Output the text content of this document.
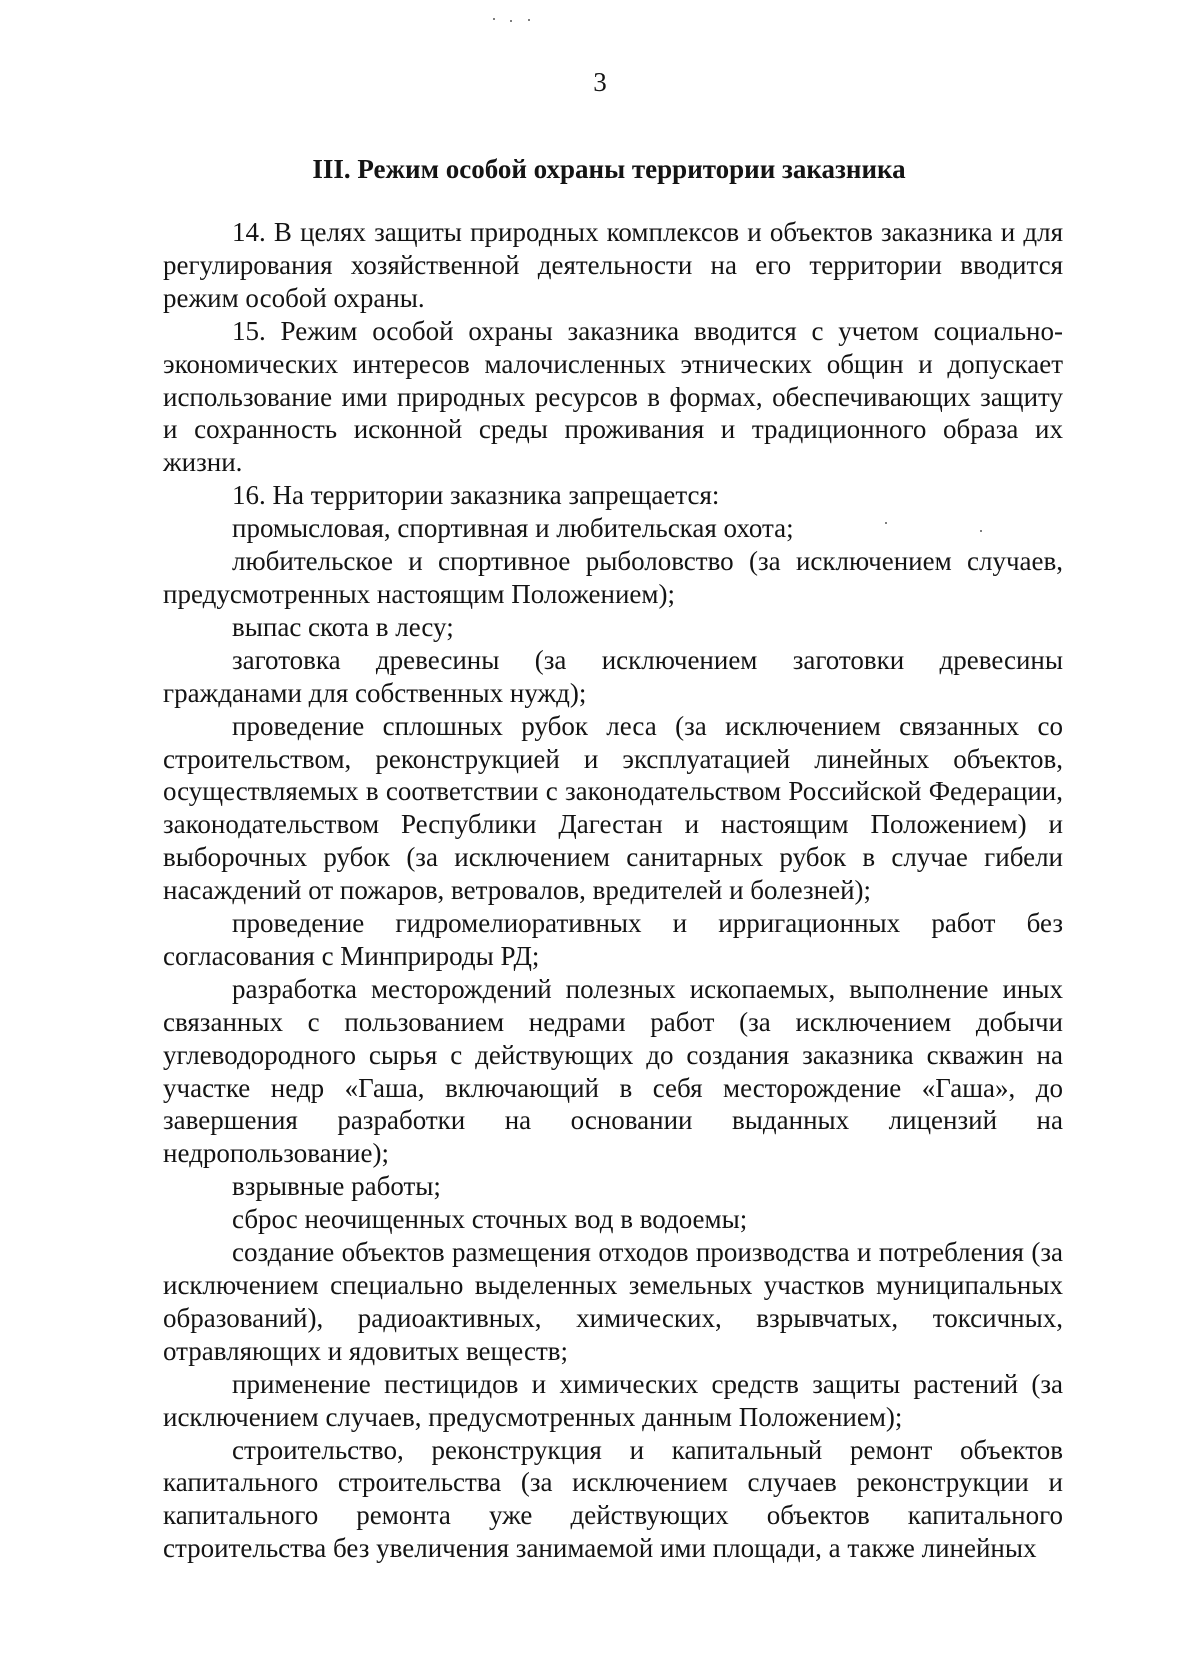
3
III. Режим особой охраны территории заказника

14. В целях защиты природных комплексов и объектов заказника и для регулирования хозяйственной деятельности на его территории вводится режим особой охраны.

15. Режим особой охраны заказника вводится с учетом социально-экономических интересов малочисленных этнических общин и допускает использование ими природных ресурсов в формах, обеспечивающих защиту и сохранность исконной среды проживания и традиционного образа их жизни.

16. На территории заказника запрещается:

промысловая, спортивная и любительская охота;

любительское и спортивное рыболовство (за исключением случаев, предусмотренных настоящим Положением);

выпас скота в лесу;

заготовка древесины (за исключением заготовки древесины гражданами для собственных нужд);

проведение сплошных рубок леса (за исключением связанных со строительством, реконструкцией и эксплуатацией линейных объектов, осуществляемых в соответствии с законодательством Российской Федерации, законодательством Республики Дагестан и настоящим Положением) и выборочных рубок (за исключением санитарных рубок в случае гибели насаждений от пожаров, ветровалов, вредителей и болезней);

проведение гидромелиоративных и ирригационных работ без согласования с Минприроды РД;

разработка месторождений полезных ископаемых, выполнение иных связанных с пользованием недрами работ (за исключением добычи углеводородного сырья с действующих до создания заказника скважин на участке недр «Гаша, включающий в себя месторождение «Гаша», до завершения разработки на основании выданных лицензий на недропользование);

взрывные работы;

сброс неочищенных сточных вод в водоемы;

создание объектов размещения отходов производства и потребления (за исключением специально выделенных земельных участков муниципальных образований), радиоактивных, химических, взрывчатых, токсичных, отравляющих и ядовитых веществ;

применение пестицидов и химических средств защиты растений (за исключением случаев, предусмотренных данным Положением);

строительство, реконструкция и капитальный ремонт объектов капитального строительства (за исключением случаев реконструкции и капитального ремонта уже действующих объектов капитального строительства без увеличения занимаемой ими площади, а также линейных
